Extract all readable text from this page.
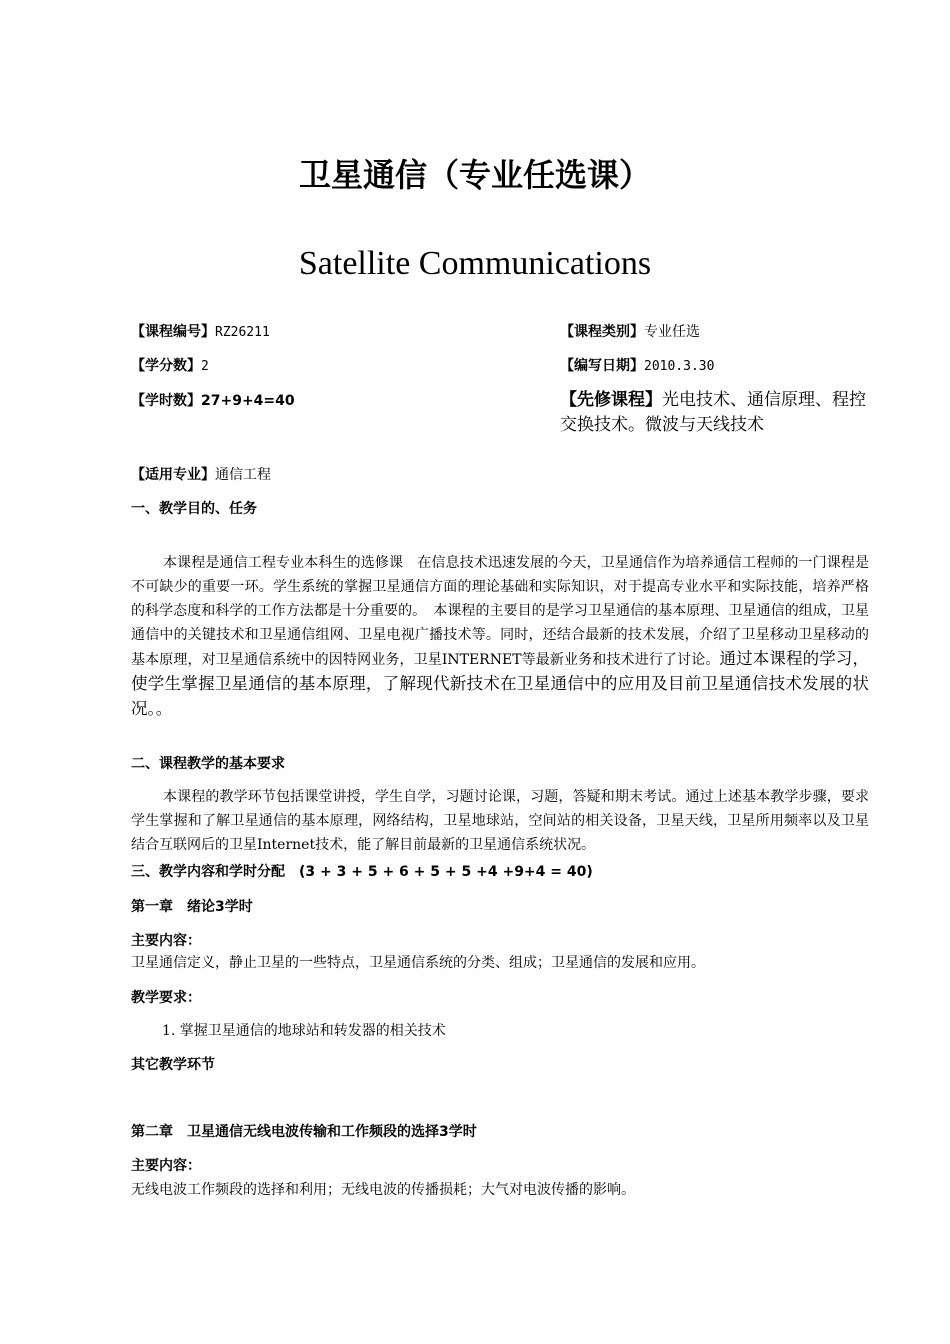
卫星通信（专业任选课）
Satellite Communications
【课程编号】RZ26211	【课程类别】专业任选
【学分数】2	【编写日期】2010.3.30
【学时数】27+9+4=40	【先修课程】光电技术、通信原理、程控交换技术。微波与天线技术
【适用专业】通信工程
一、教学目的、任务
本课程是通信工程专业本科生的选修课　在信息技术迅速发展的今天，卫星通信作为培养通信工程师的一门课程是不可缺少的重要一环。学生系统的掌握卫星通信方面的理论基础和实际知识，对于提高专业水平和实际技能，培养严格的科学态度和科学的工作方法都是十分重要的。　本课程的主要目的是学习卫星通信的基本原理、卫星通信的组成，卫星通信中的关键技术和卫星通信组网、卫星电视广播技术等。同时，还结合最新的技术发展，介绍了卫星移动卫星移动的基本原理，对卫星通信系统中的因特网业务，卫星INTERNET等最新业务和技术进行了讨论。通过本课程的学习，使学生掌握卫星通信的基本原理，了解现代新技术在卫星通信中的应用及目前卫星通信技术发展的状况。。
二、课程教学的基本要求
本课程的教学环节包括课堂讲授，学生自学，习题讨论课，习题，答疑和期末考试。通过上述基本教学步骤，要求学生掌握和了解卫星通信的基本原理，网络结构，卫星地球站，空间站的相关设备，卫星天线，卫星所用频率以及卫星结合互联网后的卫星Internet技术，能了解目前最新的卫星通信系统状况。
三、教学内容和学时分配　(3 + 3 + 5 + 6 + 5 + 5 +4 +9+4 = 40)
第一章　绪论3学时
主要内容：
卫星通信定义，静止卫星的一些特点，卫星通信系统的分类、组成；卫星通信的发展和应用。
教学要求：
1. 掌握卫星通信的地球站和转发器的相关技术
其它教学环节
第二章　卫星通信无线电波传输和工作频段的选择3学时
主要内容：
无线电波工作频段的选择和利用；无线电波的传播损耗；大气对电波传播的影响。
